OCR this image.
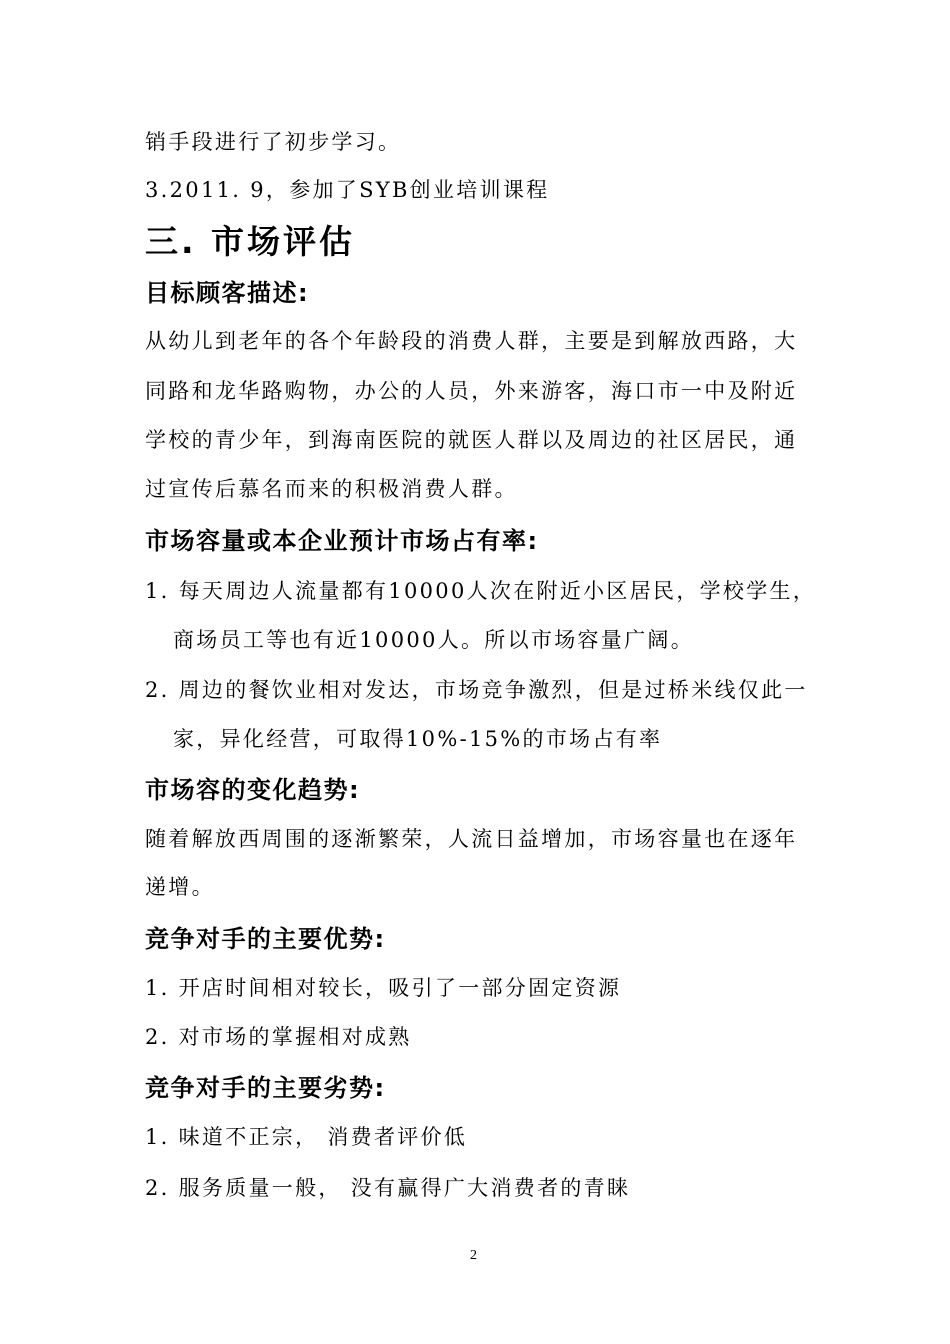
销手段进行了初步学习。
3.2011. 9，参加了SYB创业培训课程
三. 市场评估
目标顾客描述:
从幼儿到老年的各个年龄段的消费人群，主要是到解放西路，大
同路和龙华路购物，办公的人员，外来游客，海口市一中及附近
学校的青少年，到海南医院的就医人群以及周边的社区居民，通
过宣传后慕名而来的积极消费人群。
市场容量或本企业预计市场占有率:
1. 每天周边人流量都有10000人次在附近小区居民，学校学生，
商场员工等也有近10000人。所以市场容量广阔。
2. 周边的餐饮业相对发达，市场竞争激烈，但是过桥米线仅此一
家，异化经营，可取得10%-15%的市场占有率
市场容的变化趋势:
随着解放西周围的逐渐繁荣，人流日益增加，市场容量也在逐年
递增。
竞争对手的主要优势:
1. 开店时间相对较长，吸引了一部分固定资源
2. 对市场的掌握相对成熟
竞争对手的主要劣势:
1. 味道不正宗， 消费者评价低
2. 服务质量一般， 没有赢得广大消费者的青睐
2
